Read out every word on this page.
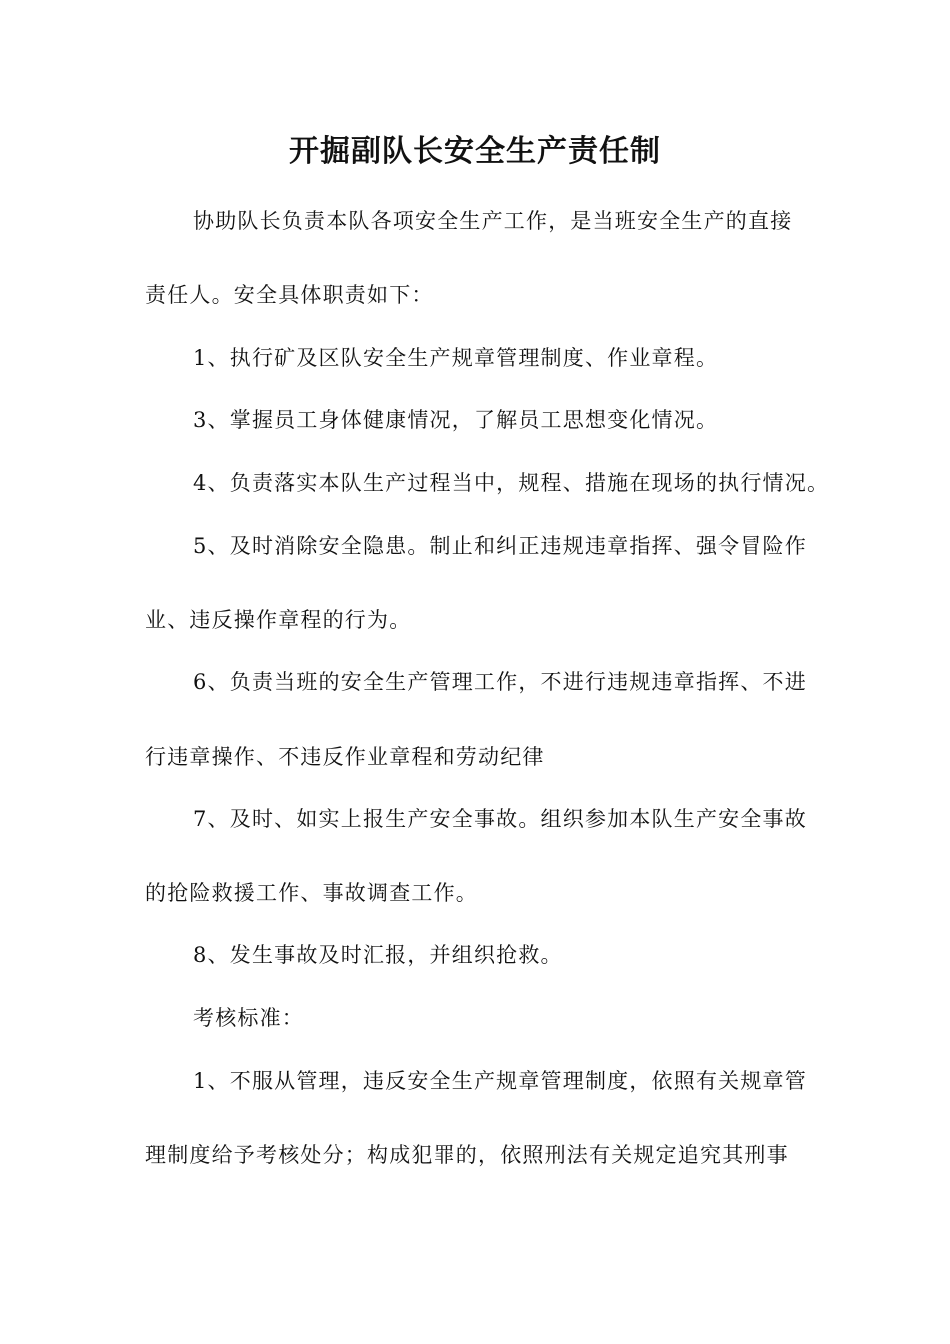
开掘副队长安全生产责任制
协助队长负责本队各项安全生产工作，是当班安全生产的直接
责任人。安全具体职责如下：
1、执行矿及区队安全生产规章管理制度、作业章程。
3、掌握员工身体健康情况，了解员工思想变化情况。
4、负责落实本队生产过程当中，规程、措施在现场的执行情况。
5、及时消除安全隐患。制止和纠正违规违章指挥、强令冒险作
业、违反操作章程的行为。
6、负责当班的安全生产管理工作，不进行违规违章指挥、不进
行违章操作、不违反作业章程和劳动纪律
7、及时、如实上报生产安全事故。组织参加本队生产安全事故
的抢险救援工作、事故调查工作。
8、发生事故及时汇报，并组织抢救。
考核标准：
1、不服从管理，违反安全生产规章管理制度，依照有关规章管
理制度给予考核处分；构成犯罪的，依照刑法有关规定追究其刑事
